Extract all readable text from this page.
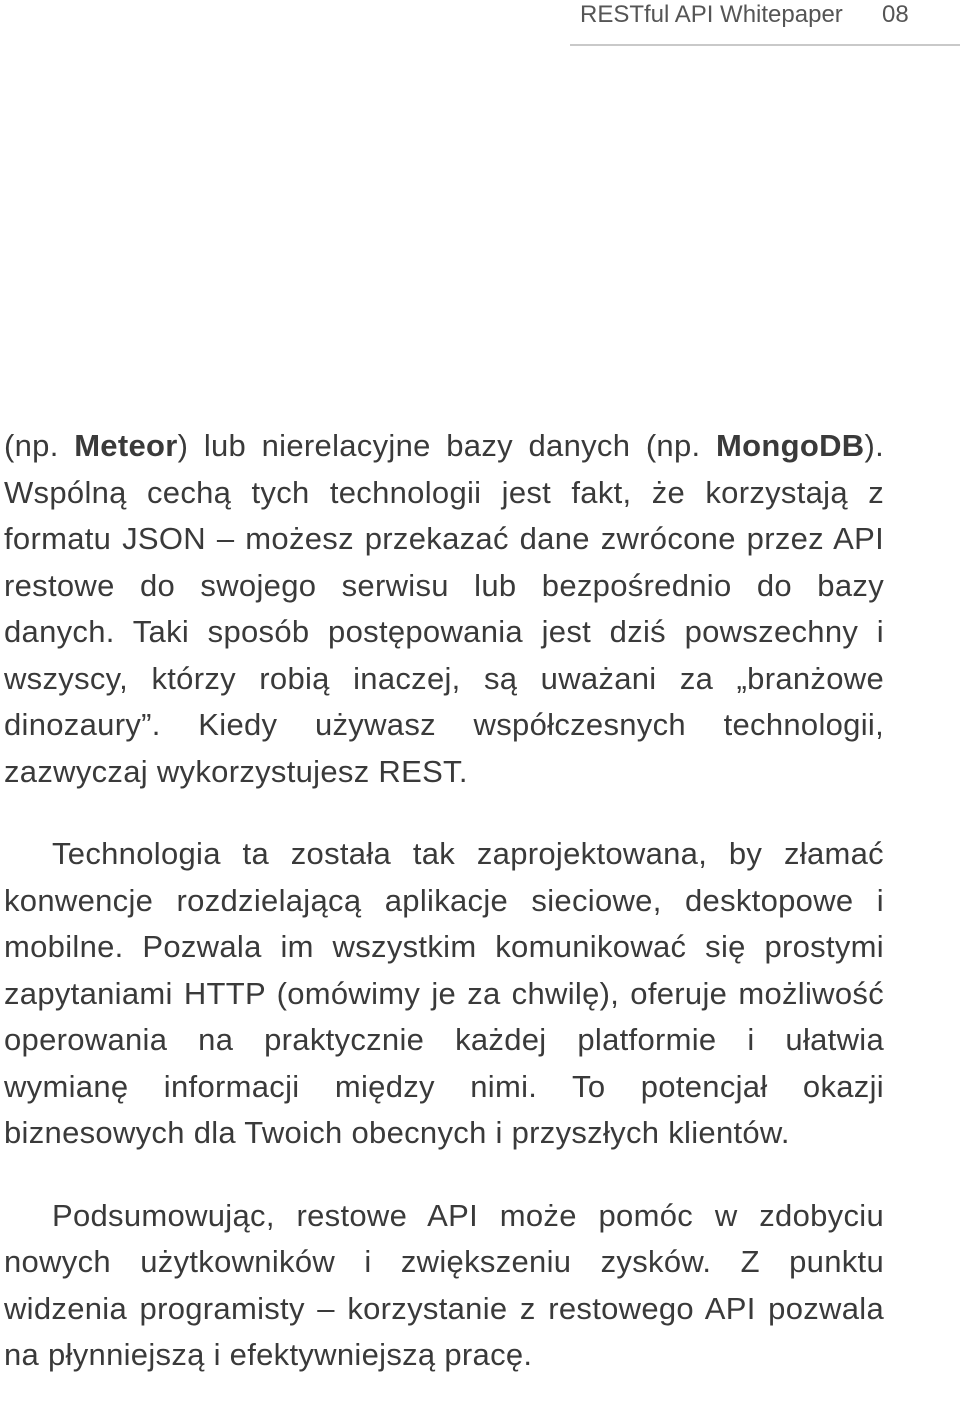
RESTful API Whitepaper 08

(np. Meteor) lub nierelacyjne bazy danych (np. MongoDB). Wspólną cechą tych technologii jest fakt, że korzystają z formatu JSON – możesz przekazać dane zwrócone przez API restowe do swojego serwisu lub bezpośrednio do bazy danych. Taki sposób postępowania jest dziś powszechny i wszyscy, którzy robią inaczej, są uważani za „branżowe dinozaury”. Kiedy używasz współczesnych technologii, zazwyczaj wykorzystujesz REST.

Technologia ta została tak zaprojektowana, by złamać konwencje rozdzielającą aplikacje sieciowe, desktopowe i mobilne. Pozwala im wszystkim komunikować się prostymi zapytaniami HTTP (omówimy je za chwilę), oferuje możliwość operowania na praktycznie każdej platformie i ułatwia wymianę informacji między nimi. To potencjał okazji biznesowych dla Twoich obecnych i przyszłych klientów.

Podsumowując, restowe API może pomóc w zdobyciu nowych użytkowników i zwiększeniu zysków. Z punktu widzenia programisty – korzystanie z restowego API pozwala na płynniejszą i efektywniejszą pracę.
